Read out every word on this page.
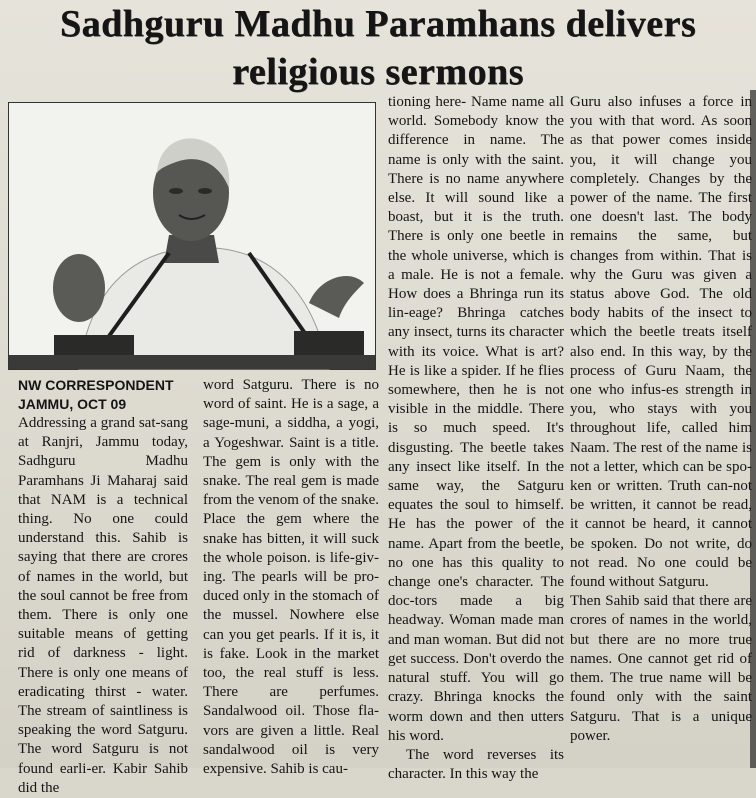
Sadhguru Madhu Paramhans delivers
religious sermons

NW CORRESPONDENT

JAMMU, OCT 09

Addressing a grand sat-sang at Ranjri, Jammu today, Sadhguru Madhu Paramhans Ji Maharaj said that NAM is a technical thing. No one could understand this. Sahib is saying that there are crores of names in the world, but the soul cannot be free from them. There is only one suitable means of getting rid of darkness - light. There is only one means of eradicating thirst - water. The stream of saintliness is speaking the word Satguru. The word Satguru is not found earli-er. Kabir Sahib did the

word Satguru. There is no word of saint. He is a sage, a sage-muni, a siddha, a yogi, a Yogeshwar. Saint is a title. The gem is only with the snake. The real gem is made from the venom of the snake. Place the gem where the snake has bitten, it will suck the whole poison. is life-giv-ing. The pearls will be pro-duced only in the stomach of the mussel. Nowhere else can you get pearls. If it is, it is fake. Look in the market too, the real stuff is less. There are perfumes. Sandalwood oil. Those fla-vors are given a little. Real sandalwood oil is very expensive. Sahib is cau-

tioning here- Name name all world. Somebody know the difference in name. The name is only with the saint. There is no name anywhere else. It will sound like a boast, but it is the truth. There is only one beetle in the whole universe, which is a male. He is not a female. How does a Bhringa run its lin-eage? Bhringa catches any insect, turns its character with its voice. What is art? He is like a spider. If he flies somewhere, then he is not visible in the middle. There is so much speed. It's disgusting. The beetle takes any insect like itself. In the same way, the Satguru equates the soul to himself. He has the power of the name. Apart from the beetle, no one has this quality to change one's character. The doc-tors made a big headway. Woman made man and man woman. But did not get success. Don't overdo the natural stuff. You will go crazy. Bhringa knocks the worm down and then utters his word.

The word reverses its character. In this way the

Guru also infuses a force in you with that word. As soon as that power comes inside you, it will change you completely. Changes by the power of the name. The first one doesn't last. The body remains the same, but changes from within. That is why the Guru was given a status above God. The old body habits of the insect to which the beetle treats itself also end. In this way, by the process of Guru Naam, the one who infus-es strength in you, who stays with you throughout life, called him Naam. The rest of the name is not a letter, which can be spo-ken or written. Truth can-not be written, it cannot be read, it cannot be heard, it cannot be spoken. Do not write, do not read. No one could be found without Satguru.

Then Sahib said that there are crores of names in the world, but there are no more true names. One cannot get rid of them. The true name will be found only with the saint Satguru. That is a unique power.
